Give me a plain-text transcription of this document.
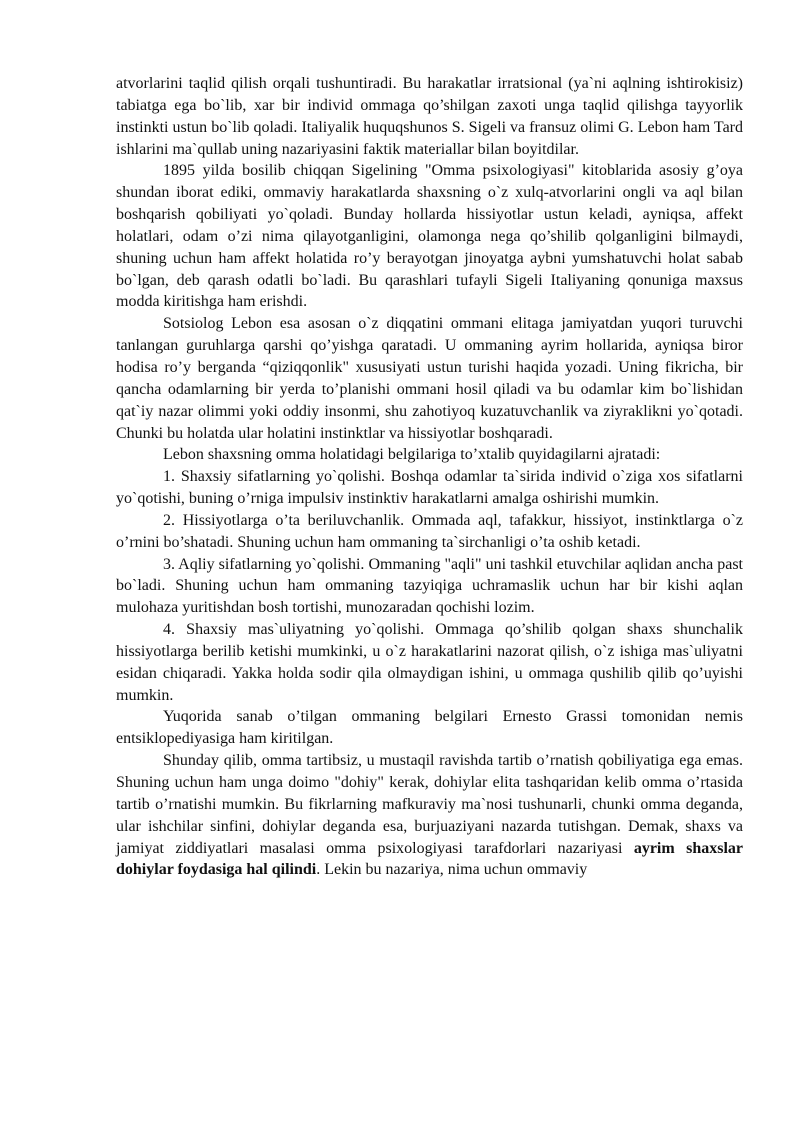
atvorlarini taqlid qilish orqali tushuntiradi. Bu harakatlar irratsional (ya`ni aqlning ishtirokisiz) tabiatga ega bo`lib, xar bir individ ommaga qo’shilgan zaxoti unga taqlid qilishga tayyorlik instinkti ustun bo`lib qoladi. Italiyalik huquqshunos S. Sigeli va fransuz olimi G. Lebon ham Tard ishlarini ma`qullab uning nazariyasini faktik materiallar bilan boyitdilar.

1895 yilda bosilib chiqqan Sigelining "Omma psixologiyasi" kitoblarida asosiy g’oya shundan iborat ediki, ommaviy harakatlarda shaxsning o`z xulq-atvorlarini ongli va aql bilan boshqarish qobiliyati yo`qoladi. Bunday hollarda hissiyotlar ustun keladi, ayniqsa, affekt holatlari, odam o’zi nima qilayotganligini, olamonga nega qo’shilib qolganligini bilmaydi, shuning uchun ham affekt holatida ro’y berayotgan jinoyatga aybni yumshatuvchi holat sabab bo`lgan, deb qarash odatli bo`ladi. Bu qarashlari tufayli Sigeli Italiyaning qonuniga maxsus modda kiritishga ham erishdi.

Sotsiolog Lebon esa asosan o`z diqqatini ommani elitaga jamiyatdan yuqori turuvchi tanlangan guruhlarga qarshi qo’yishga qaratadi. U ommaning ayrim hollarida, ayniqsa biror hodisa ro’y berganda “qiziqqonlik" xususiyati ustun turishi haqida yozadi. Uning fikricha, bir qancha odamlarning bir yerda to’planishi ommani hosil qiladi va bu odamlar kim bo`lishidan qat`iy nazar olimmi yoki oddiy insonmi, shu zahotiyoq kuzatuvchanlik va ziyraklikni yo`qotadi. Chunki bu holatda ular holatini instinktlar va hissiyotlar boshqaradi.

Lebon shaxsning omma holatidagi belgilariga to’xtalib quyidagilarni ajratadi:

1. Shaxsiy sifatlarning yo`qolishi. Boshqa odamlar ta`sirida individ o`ziga xos sifatlarni yo`qotishi, buning o’rniga impulsiv instinktiv harakatlarni amalga oshirishi mumkin.

2. Hissiyotlarga o’ta beriluvchanlik. Ommada aql, tafakkur, hissiyot, instinktlarga o`z o’rnini bo’shatadi. Shuning uchun ham ommaning ta`sirchanligi o’ta oshib ketadi.

3. Aqliy sifatlarning yo`qolishi. Ommaning "aqli" uni tashkil etuvchilar aqlidan ancha past bo`ladi. Shuning uchun ham ommaning tazyiqiga uchramaslik uchun har bir kishi aqlan mulohaza yuritishdan bosh tortishi, munozaradan qochishi lozim.

4. Shaxsiy mas`uliyatning yo`qolishi. Ommaga qo’shilib qolgan shaxs shunchalik hissiyotlarga berilib ketishi mumkinki, u o`z harakatlarini nazorat qilish, o`z ishiga mas`uliyatni esidan chiqaradi. Yakka holda sodir qila olmaydigan ishini, u ommaga qushilib qilib qo’uyishi mumkin.

Yuqorida sanab o’tilgan ommaning belgilari Ernesto Grassi tomonidan nemis entsiklopediyasiga ham kiritilgan.

Shunday qilib, omma tartibsiz, u mustaqil ravishda tartib o’rnatish qobiliyatiga ega emas. Shuning uchun ham unga doimo "dohiy" kerak, dohiylar elita tashqaridan kelib omma o’rtasida tartib o’rnatishi mumkin. Bu fikrlarning mafkuraviy ma`nosi tushunarli, chunki omma deganda, ular ishchilar sinfini, dohiylar deganda esa, burjuaziyani nazarda tutishgan. Demak, shaxs va jamiyat ziddiyatlari masalasi omma psixologiyasi tarafdorlari nazariyasi ayrim shaxslar dohiylar foydasiga hal qilindi. Lekin bu nazariya, nima uchun ommaviy
